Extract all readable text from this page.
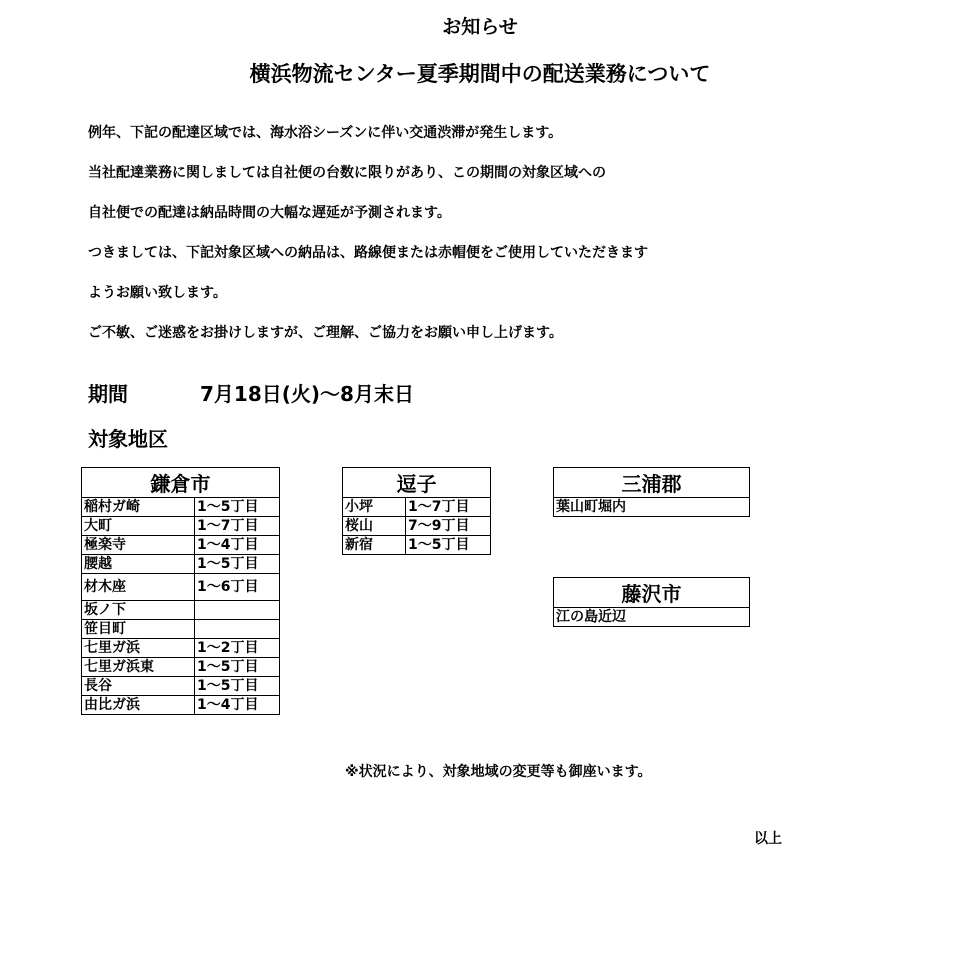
お知らせ
横浜物流センター夏季期間中の配送業務について

例年、下記の配達区域では、海水浴シーズンに伴い交通渋滞が発生します。

当社配達業務に関しましては自社便の台数に限りがあり、この期間の対象区域への

自社便での配達は納品時間の大幅な遅延が予測されます。

つきましては、下記対象区域への納品は、路線便または赤帽便をご使用していただきます

ようお願い致します。

ご不敏、ご迷惑をお掛けしますが、ご理解、ご協力をお願い申し上げます。

期間	7月18日(火)～8月末日
対象地区
鎌倉市	
稲村ガ崎	1～5丁目
大町	1～7丁目
極楽寺	1～4丁目
腰越	1～5丁目
材木座	1～6丁目
坂ノ下	
笹目町	
七里ガ浜	1～2丁目
七里ガ浜東	1～5丁目
長谷	1～5丁目
由比ガ浜	1～4丁目
逗子	
小坪	1～7丁目
桜山	7～9丁目
新宿	1～5丁目
三浦郡
葉山町堀内
藤沢市
江の島近辺
※状況により、対象地域の変更等も御座います。
以上
